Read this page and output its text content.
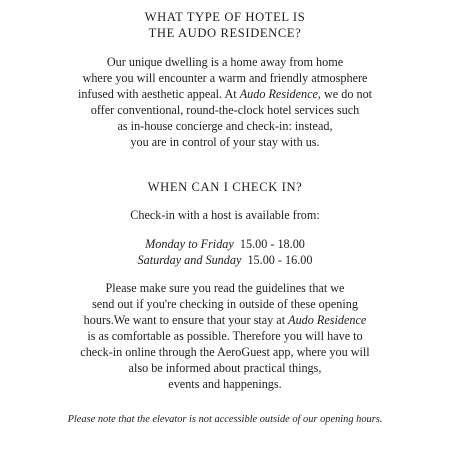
WHAT TYPE OF HOTEL IS

THE AUDO RESIDENCE?

Our unique dwelling is a home away from home

where you will encounter a warm and friendly atmosphere

infused with aesthetic appeal. At Audo Residence, we do not

offer conventional, round-the-clock hotel services such

as in-house concierge and check-in: instead,

you are in control of your stay with us.

WHEN CAN I CHECK IN?

Check-in with a host is available from:

Monday to Friday 15.00 - 18.00

Saturday and Sunday 15.00 - 16.00

Please make sure you read the guidelines that we

send out if you're checking in outside of these opening

hours.We want to ensure that your stay at Audo Residence

is as comfortable as possible. Therefore you will have to

check-in online through the AeroGuest app, where you will

also be informed about practical things,

events and happenings.

Please note that the elevator is not accessible outside of our opening hours.
